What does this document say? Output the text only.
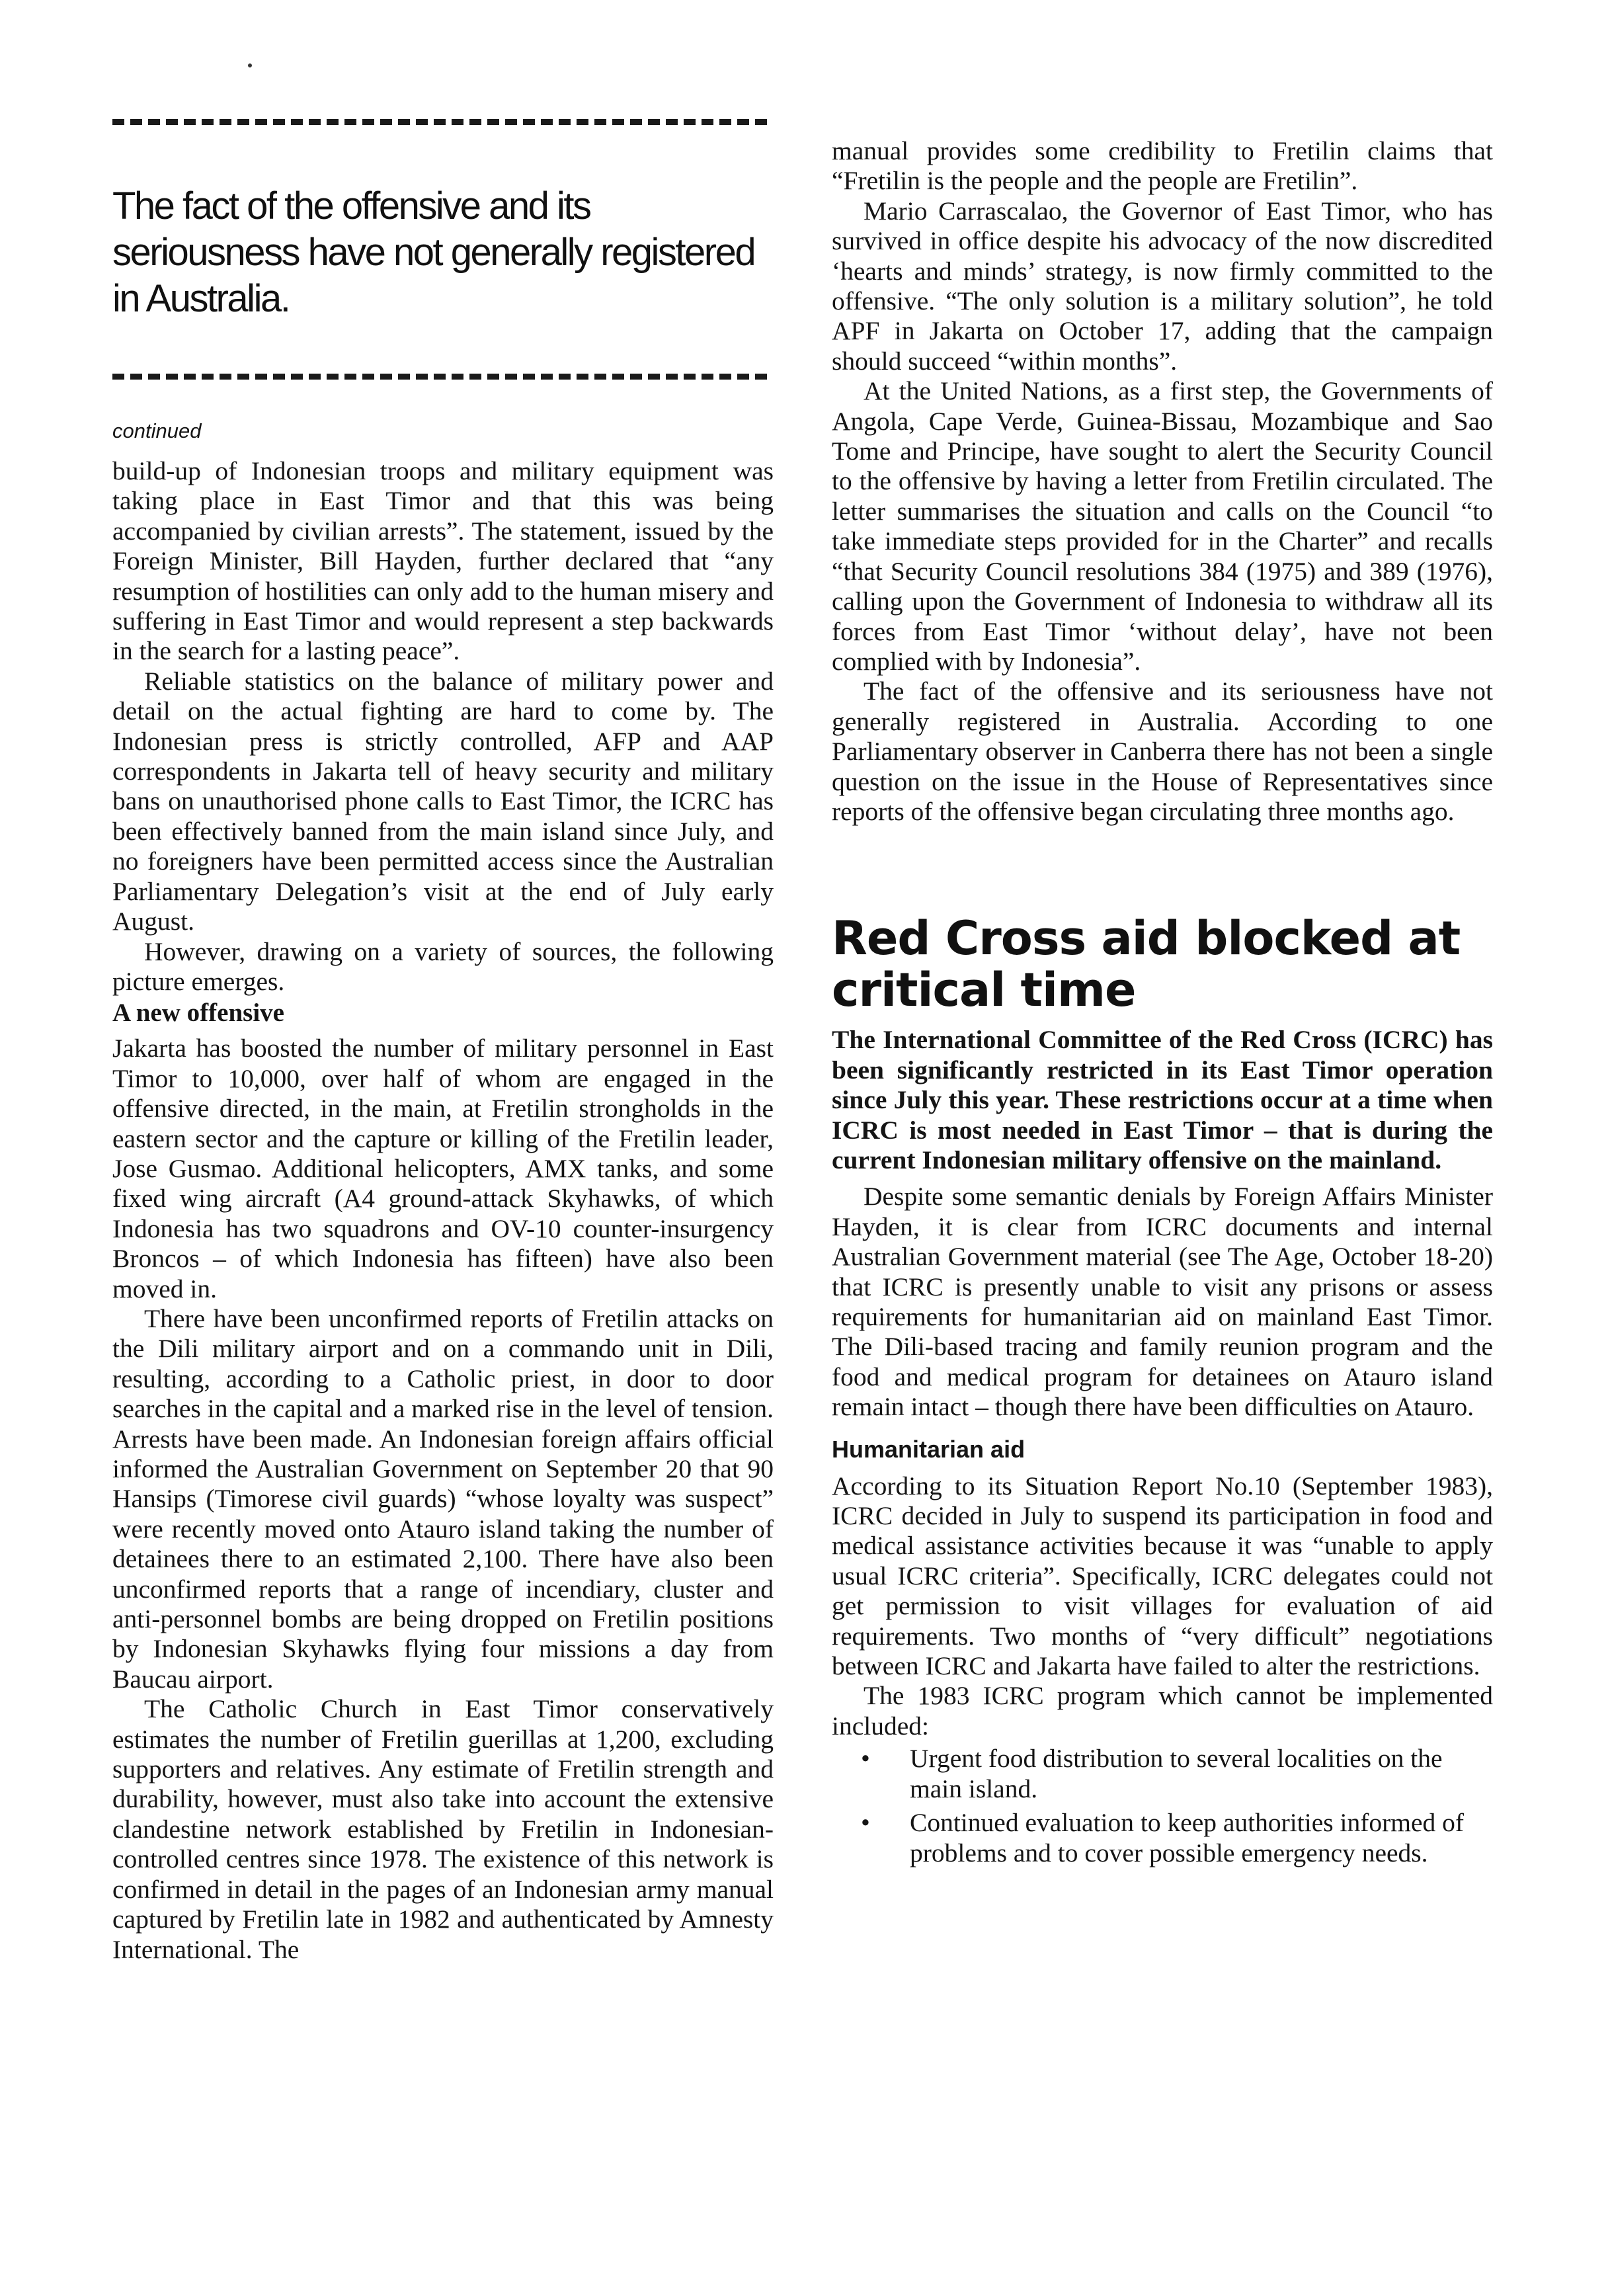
The fact of the offensive and its seriousness have not generally registered in Australia.
continued

build-up of Indonesian troops and military equipment was taking place in East Timor and that this was being accompanied by civilian arrests”. The statement, issued by the Foreign Minister, Bill Hayden, further declared that “any resumption of hostilities can only add to the human misery and suffering in East Timor and would represent a step backwards in the search for a lasting peace”.

Reliable statistics on the balance of military power and detail on the actual fighting are hard to come by. The Indonesian press is strictly controlled, AFP and AAP correspondents in Jakarta tell of heavy security and military bans on unauthorised phone calls to East Timor, the ICRC has been effectively banned from the main island since July, and no foreigners have been permitted access since the Australian Parliamentary Delegation’s visit at the end of July early August.

However, drawing on a variety of sources, the following picture emerges.

A new offensive

Jakarta has boosted the number of military personnel in East Timor to 10,000, over half of whom are engaged in the offensive directed, in the main, at Fretilin strongholds in the eastern sector and the capture or killing of the Fretilin leader, Jose Gusmao. Additional helicopters, AMX tanks, and some fixed wing aircraft (A4 ground-attack Skyhawks, of which Indonesia has two squadrons and OV-10 counter-insurgency Broncos – of which Indonesia has fifteen) have also been moved in.

There have been unconfirmed reports of Fretilin attacks on the Dili military airport and on a commando unit in Dili, resulting, according to a Catholic priest, in door to door searches in the capital and a marked rise in the level of tension. Arrests have been made. An Indonesian foreign affairs official informed the Australian Government on September 20 that 90 Hansips (Timorese civil guards) “whose loyalty was suspect” were recently moved onto Atauro island taking the number of detainees there to an estimated 2,100. There have also been unconfirmed reports that a range of incendiary, cluster and anti-personnel bombs are being dropped on Fretilin positions by Indonesian Skyhawks flying four missions a day from Baucau airport.

The Catholic Church in East Timor conservatively estimates the number of Fretilin guerillas at 1,200, excluding supporters and relatives. Any estimate of Fretilin strength and durability, however, must also take into account the extensive clandestine network established by Fretilin in Indonesian-controlled centres since 1978. The existence of this network is confirmed in detail in the pages of an Indonesian army manual captured by Fretilin late in 1982 and authenticated by Amnesty International. The

manual provides some credibility to Fretilin claims that “Fretilin is the people and the people are Fretilin”.

Mario Carrascalao, the Governor of East Timor, who has survived in office despite his advocacy of the now discredited ‘hearts and minds’ strategy, is now firmly committed to the offensive. “The only solution is a military solution”, he told APF in Jakarta on October 17, adding that the campaign should succeed “within months”.

At the United Nations, as a first step, the Governments of Angola, Cape Verde, Guinea-Bissau, Mozambique and Sao Tome and Principe, have sought to alert the Security Council to the offensive by having a letter from Fretilin circulated. The letter summarises the situation and calls on the Council “to take immediate steps provided for in the Charter” and recalls “that Security Council resolutions 384 (1975) and 389 (1976), calling upon the Government of Indonesia to withdraw all its forces from East Timor ‘without delay’, have not been complied with by Indonesia”.

The fact of the offensive and its seriousness have not generally registered in Australia. According to one Parliamentary observer in Canberra there has not been a single question on the issue in the House of Representatives since reports of the offensive began circulating three months ago.

Red Cross aid blocked at critical time
The International Committee of the Red Cross (ICRC) has been significantly restricted in its East Timor operation since July this year. These restrictions occur at a time when ICRC is most needed in East Timor – that is during the current Indonesian military offensive on the mainland.

Despite some semantic denials by Foreign Affairs Minister Hayden, it is clear from ICRC documents and internal Australian Government material (see The Age, October 18-20) that ICRC is presently unable to visit any prisons or assess requirements for humanitarian aid on mainland East Timor. The Dili-based tracing and family reunion program and the food and medical program for detainees on Atauro island remain intact – though there have been difficulties on Atauro.

Humanitarian aid

According to its Situation Report No.10 (September 1983), ICRC decided in July to suspend its participation in food and medical assistance activities because it was “unable to apply usual ICRC criteria”. Specifically, ICRC delegates could not get permission to visit villages for evaluation of aid requirements. Two months of “very difficult” negotiations between ICRC and Jakarta have failed to alter the restrictions.

The 1983 ICRC program which cannot be implemented included:

• Urgent food distribution to several localities on the main island.
• Continued evaluation to keep authorities informed of problems and to cover possible emergency needs.
